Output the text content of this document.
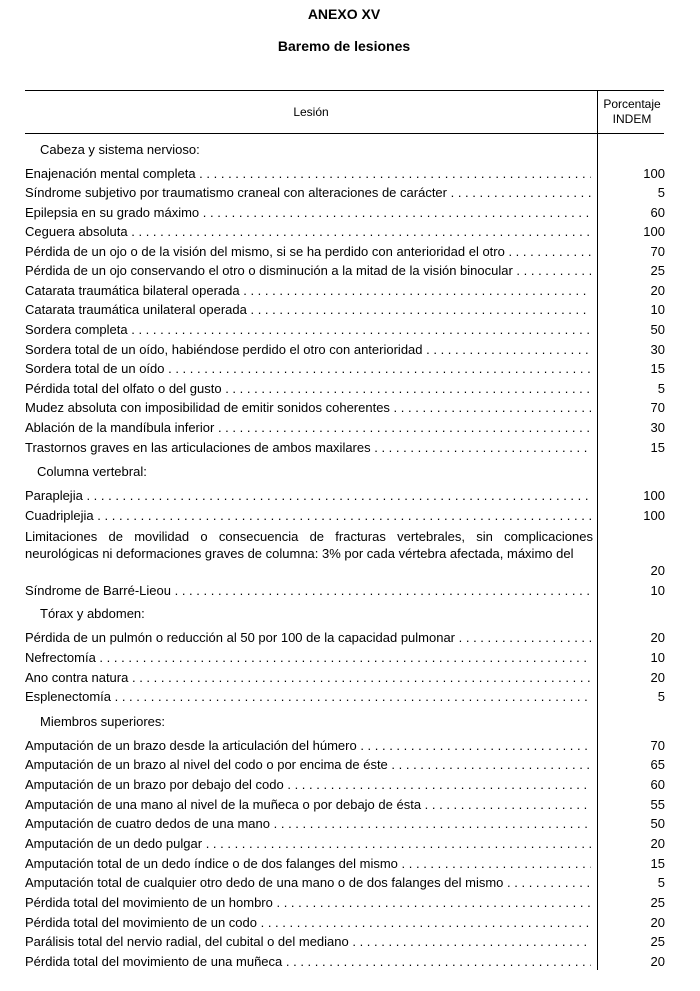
ANEXO XV
Baremo de lesiones
Lesión
Porcentaje
INDEM
Cabeza y sistema nervioso:
Enajenación mental completa . . .	100
Síndrome subjetivo por traumatismo craneal con alteraciones de carácter . . .	5
Epilepsia en su grado máximo . . .	60
Ceguera absoluta . . .	100
Pérdida de un ojo o de la visión del mismo, si se ha perdido con anterioridad el otro . . .	70
Pérdida de un ojo conservando el otro o disminución a la mitad de la visión binocular . . .	25
Catarata traumática bilateral operada . . .	20
Catarata traumática unilateral operada . . .	10
Sordera completa . . .	50
Sordera total de un oído, habiéndose perdido el otro con anterioridad . . .	30
Sordera total de un oído . . .	15
Pérdida total del olfato o del gusto . . .	5
Mudez absoluta con imposibilidad de emitir sonidos coherentes . . .	70
Ablación de la mandíbula inferior . . .	30
Trastornos graves en las articulaciones de ambos maxilares . . .	15
Columna vertebral:
Paraplejia . . .	100
Cuadriplejia . . .	100
Limitaciones de movilidad o consecuencia de fracturas vertebrales, sin complicaciones neurológicas ni deformaciones graves de columna: 3% por cada vértebra afectada, máximo del
20
Síndrome de Barré-Lieou . . .	10
Tórax y abdomen:
Pérdida de un pulmón o reducción al 50 por 100 de la capacidad pulmonar . . .	20
Nefrectomía . . .	10
Ano contra natura . . .	20
Esplenectomía . . .	5
Miembros superiores:
Amputación de un brazo desde la articulación del húmero . . .	70
Amputación de un brazo al nivel del codo o por encima de éste . . .	65
Amputación de un brazo por debajo del codo . . .	60
Amputación de una mano al nivel de la muñeca o por debajo de ésta . . .	55
Amputación de cuatro dedos de una mano . . .	50
Amputación de un dedo pulgar . . .	20
Amputación total de un dedo índice o de dos falanges del mismo . . .	15
Amputación total de cualquier otro dedo de una mano o de dos falanges del mismo . . .	5
Pérdida total del movimiento de un hombro . . .	25
Pérdida total del movimiento de un codo . . .	20
Parálisis total del nervio radial, del cubital o del mediano . . .	25
Pérdida total del movimiento de una muñeca . . .	20
